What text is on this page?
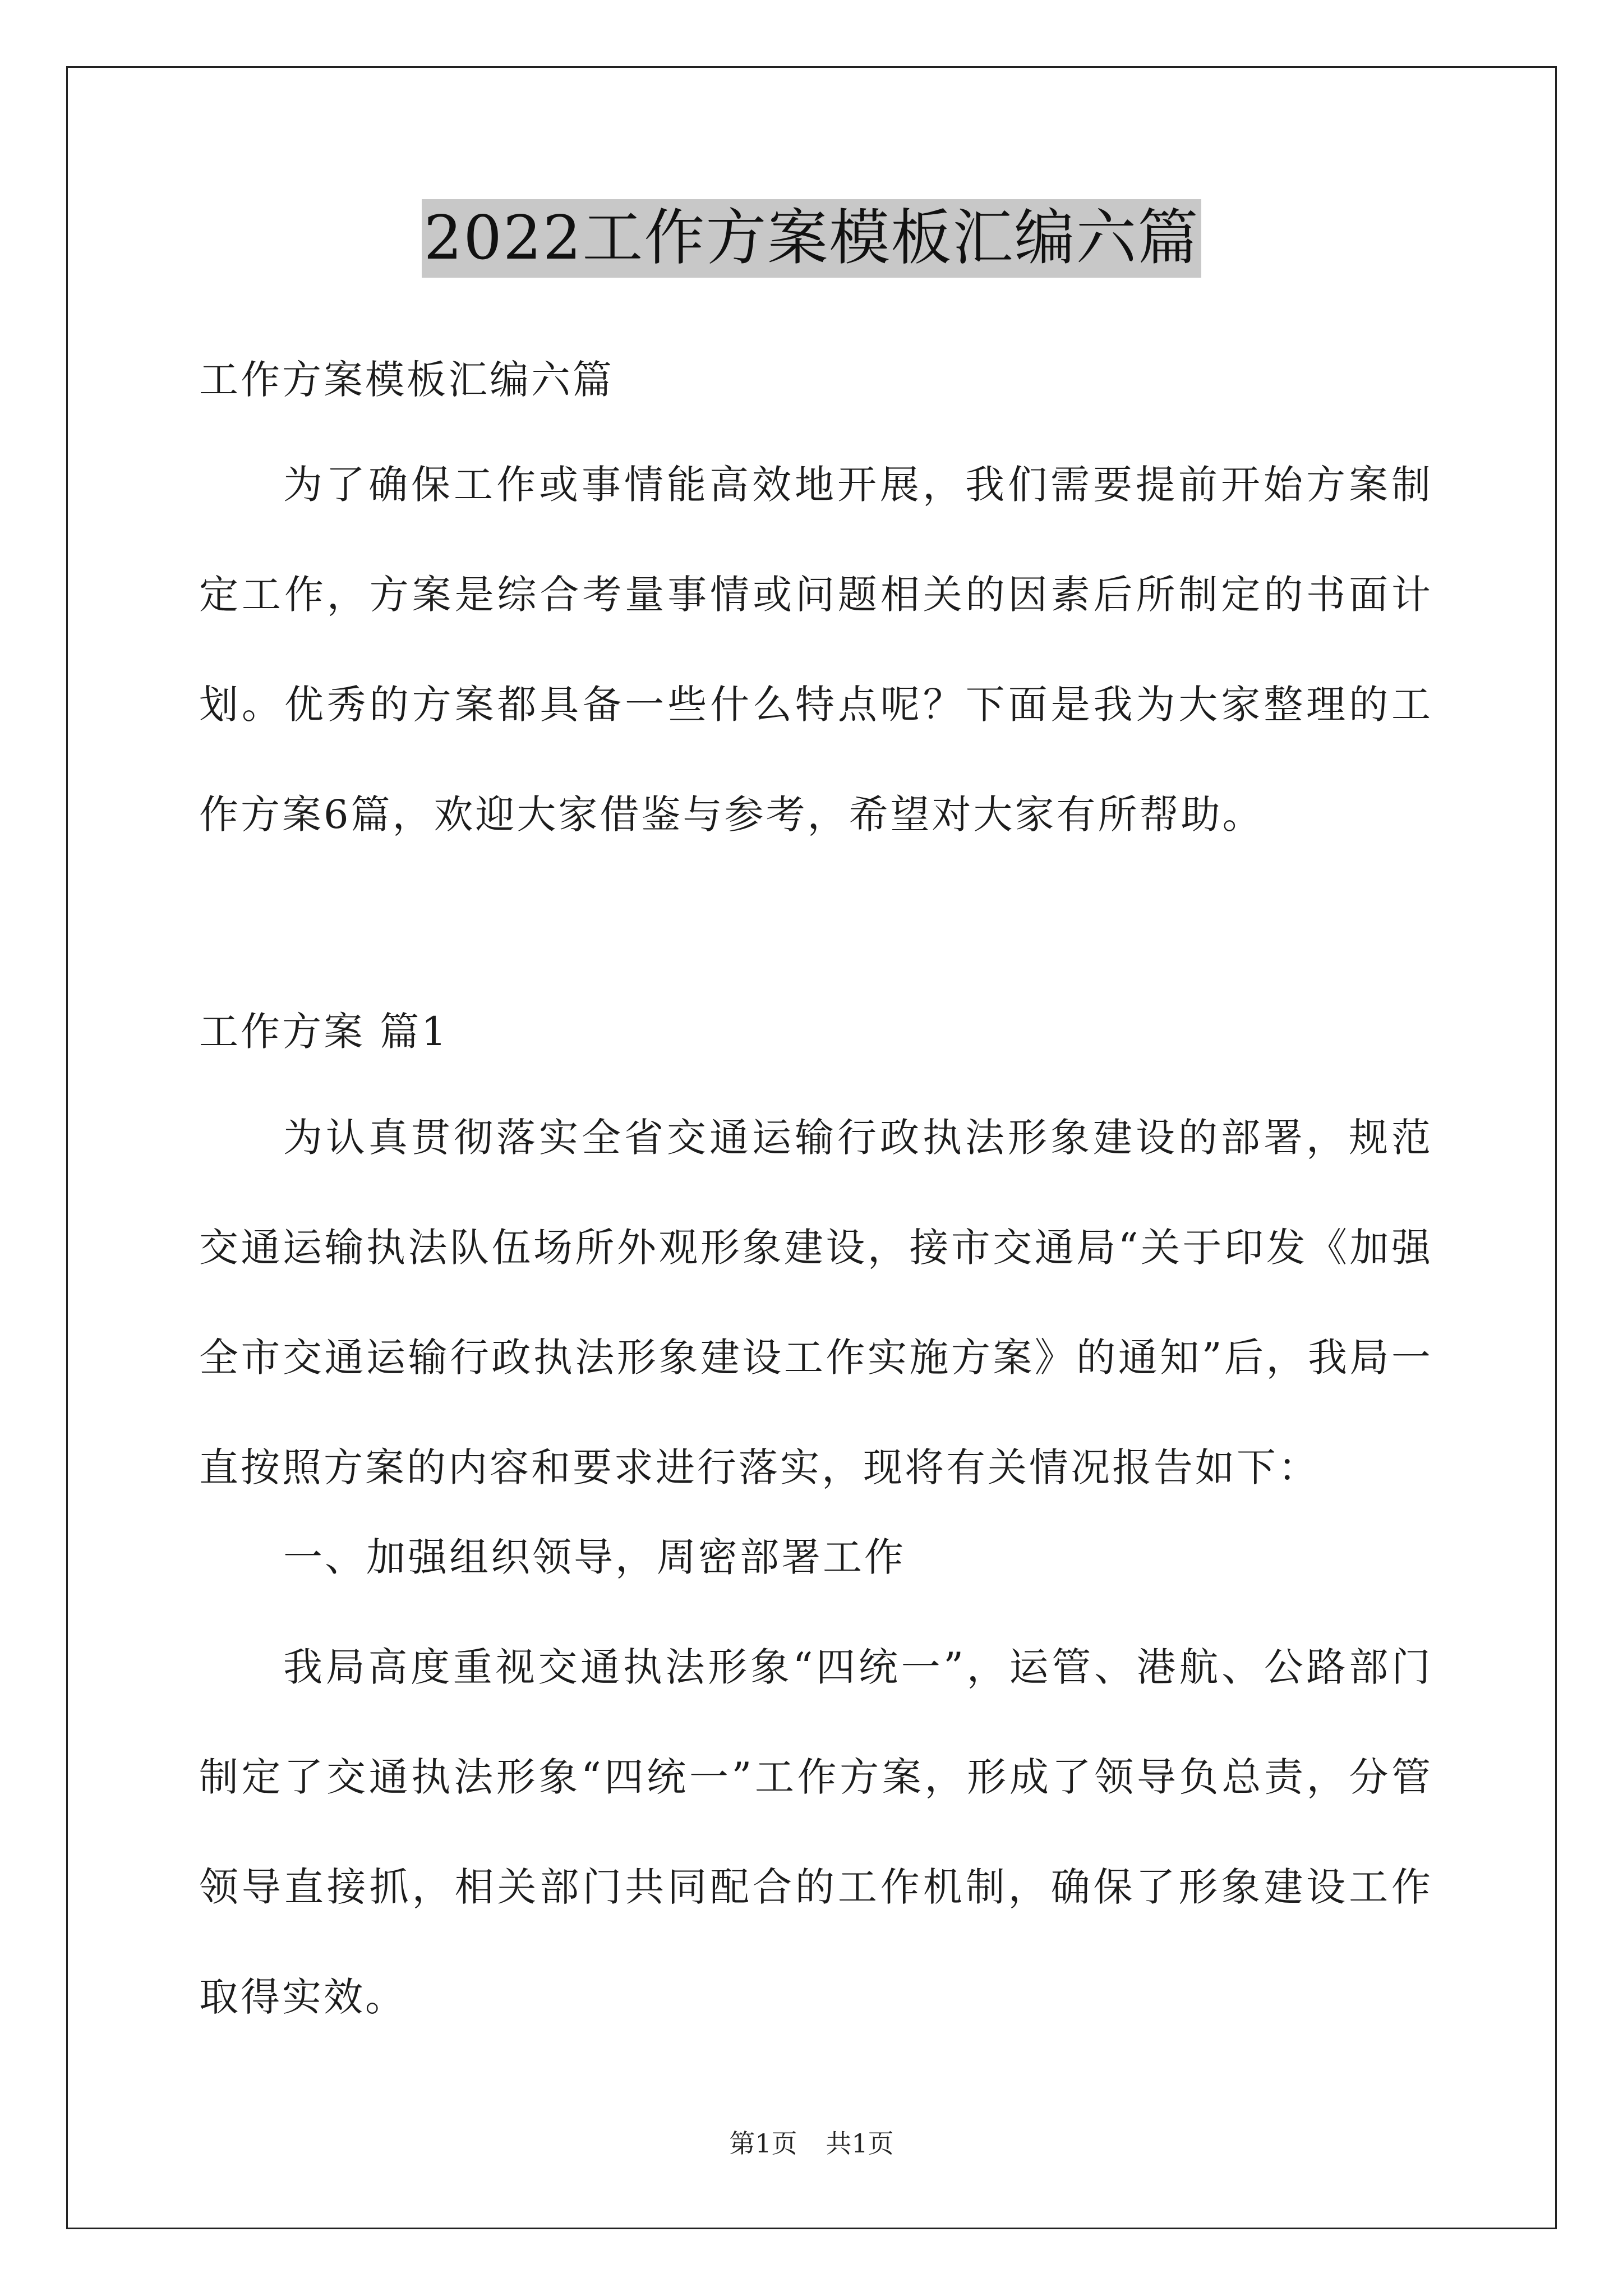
2022工作方案模板汇编六篇
工作方案模板汇编六篇

为了确保工作或事情能高效地开展，我们需要提前开始方案制定工作，方案是综合考量事情或问题相关的因素后所制定的书面计划。优秀的方案都具备一些什么特点呢？下面是我为大家整理的工作方案6篇，欢迎大家借鉴与参考，希望对大家有所帮助。

工作方案 篇1

为认真贯彻落实全省交通运输行政执法形象建设的部署，规范交通运输执法队伍场所外观形象建设，接市交通局“关于印发《加强全市交通运输行政执法形象建设工作实施方案》的通知”后，我局一直按照方案的内容和要求进行落实，现将有关情况报告如下：

一、加强组织领导，周密部署工作

我局高度重视交通执法形象“四统一”，运管、港航、公路部门制定了交通执法形象“四统一”工作方案，形成了领导负总责，分管领导直接抓，相关部门共同配合的工作机制，确保了形象建设工作取得实效。

第1页 共1页
